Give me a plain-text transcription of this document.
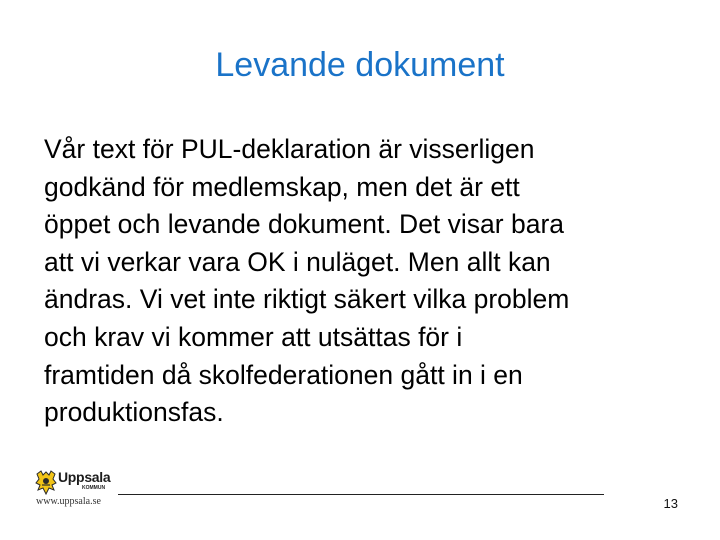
Levande dokument
Vår text för PUL-deklaration är visserligen
godkänd för medlemskap, men det är ett
öppet och levande dokument. Det visar bara
att vi verkar vara OK i nuläget. Men allt kan
ändras. Vi vet inte riktigt säkert vilka problem
och krav vi kommer att utsättas för i
framtiden då skolfederationen gått in i en
produktionsfas.
Uppsala
KOMMUN
www.uppsala.se	13
